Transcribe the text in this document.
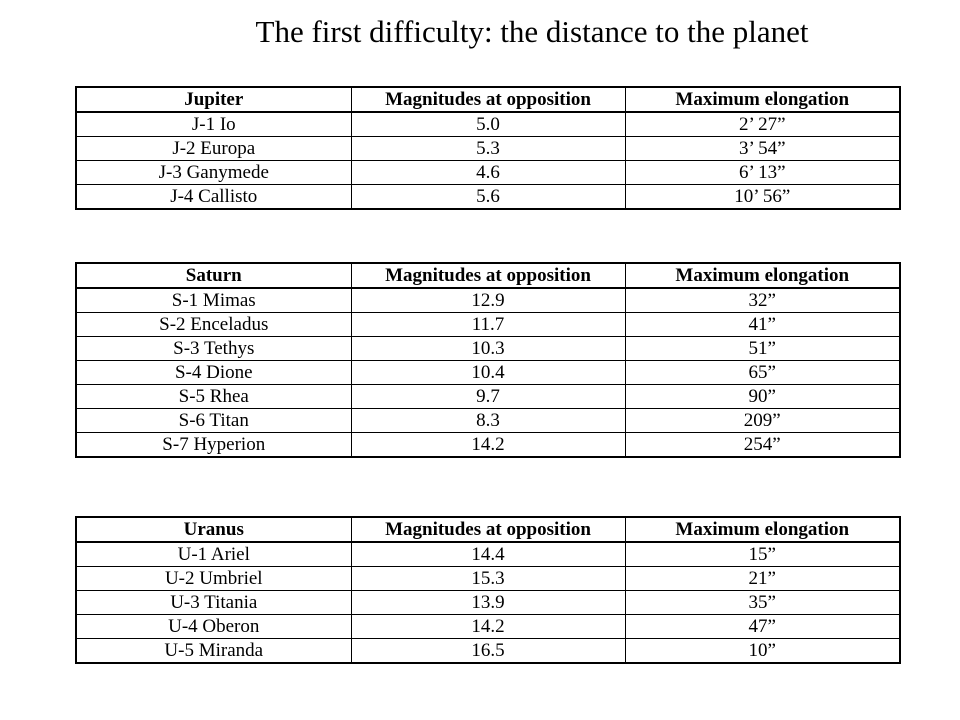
The first difficulty: the distance to the planet
Jupiter	Magnitudes at opposition	Maximum elongation
J-1 Io	5.0	2’ 27”
J-2 Europa	5.3	3’ 54”
J-3 Ganymede	4.6	6’ 13”
J-4 Callisto	5.6	10’ 56”
Saturn	Magnitudes at opposition	Maximum elongation
S-1 Mimas	12.9	32”
S-2 Enceladus	11.7	41”
S-3 Tethys	10.3	51”
S-4 Dione	10.4	65”
S-5 Rhea	9.7	90”
S-6 Titan	8.3	209”
S-7 Hyperion	14.2	254”
Uranus	Magnitudes at opposition	Maximum elongation
U-1 Ariel	14.4	15”
U-2 Umbriel	15.3	21”
U-3 Titania	13.9	35”
U-4 Oberon	14.2	47”
U-5 Miranda	16.5	10”
